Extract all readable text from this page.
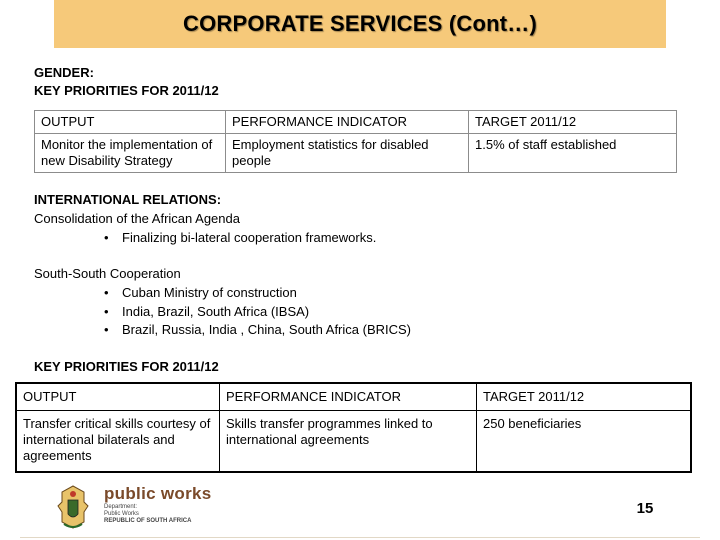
CORPORATE SERVICES (Cont…)
GENDER:
KEY PRIORITIES FOR 2011/12
OUTPUT	PERFORMANCE INDICATOR	TARGET 2011/12
Monitor the implementation of new Disability Strategy	Employment statistics for disabled people	1.5% of staff established
INTERNATIONAL RELATIONS:
Consolidation of the African Agenda
• Finalizing bi-lateral cooperation frameworks.
South-South Cooperation
• Cuban Ministry of construction
• India, Brazil, South Africa (IBSA)
• Brazil, Russia, India , China, South Africa (BRICS)
KEY PRIORITIES FOR 2011/12
OUTPUT	PERFORMANCE INDICATOR	TARGET 2011/12
Transfer critical skills courtesy of international bilaterals and agreements	Skills transfer programmes linked to international agreements	250 beneficiaries
public works
Department:
Public Works
REPUBLIC OF SOUTH AFRICA
15
